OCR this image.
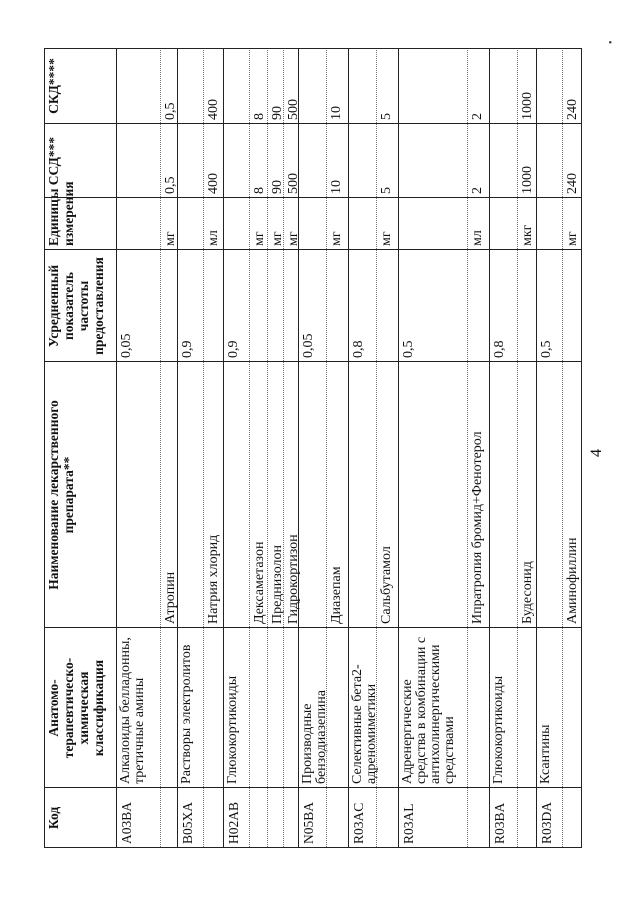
Код
Анатомо-терапевтическо-химическая классификация
Наименование лекарственного препарата**
Усредненный показатель частоты предоставления
Единицы измерения
ССД***
СКД****
A03BA
Алкалоиды белладонны, третичные амины
0,05
Атропин
мг
0,5
0,5
B05XA
Растворы электролитов
0,9
Натрия хлорид
мл
400
400
H02AB
Глюкокортикоиды
0,9
Дексаметазон
мг
8
8
Преднизолон
мг
90
90
Гидрокортизон
мг
500
500
N05BA
Производные бензодиазепина
0,05
Диазепам
мг
10
10
R03AC
Селективные бета2-адреномиметики
0,8
Сальбутамол
мг
5
5
R03AL
Адренергические средства в комбинации с антихолинергическими средствами
0,5
Ипратропия бромид+Фенотерол
мл
2
2
R03BA
Глюкокортикоиды
0,8
Будесонид
мкг
1000
1000
R03DA
Ксантины
0,5
Аминофиллин
мг
240
240
4
•
